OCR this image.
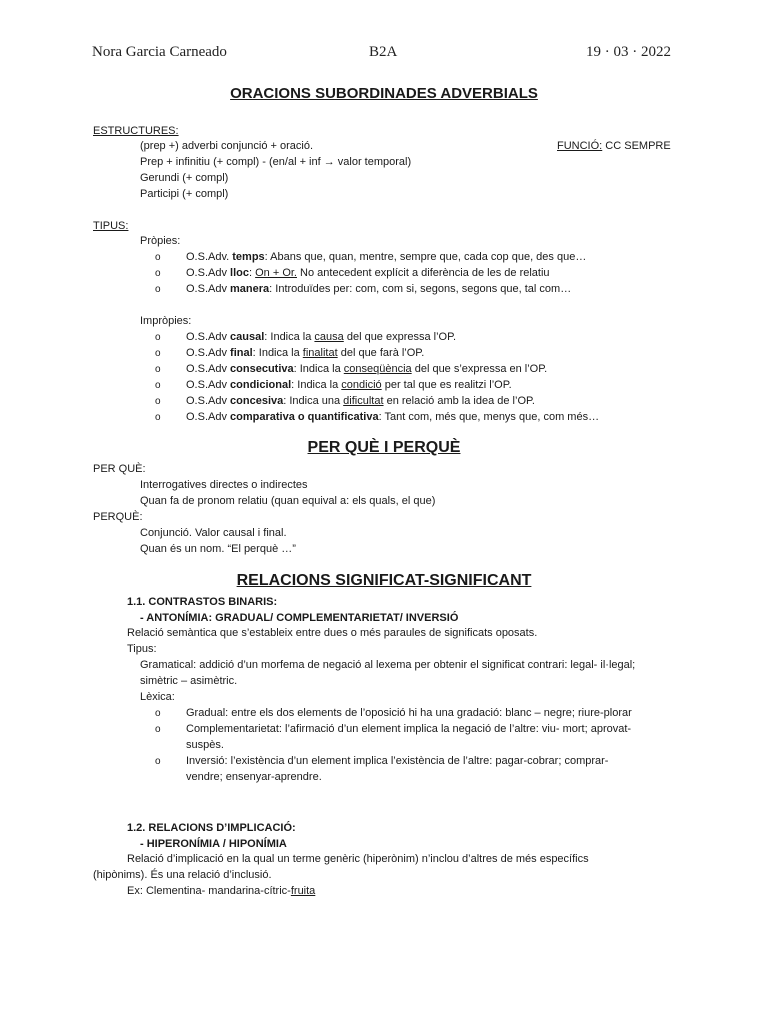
Nora Garcia Carneado	B2A	19 · 03 · 2022
ORACIONS SUBORDINADES ADVERBIALS
ESTRUCTURES:
(prep +) adverbi conjunció + oració.	FUNCIÓ: CC SEMPRE
Prep + infinitiu (+ compl) - (en/al + inf → valor temporal)
Gerundi (+ compl)
Participi (+ compl)
TIPUS:
Pròpies:
o O.S.Adv. temps: Abans que, quan, mentre, sempre que, cada cop que, des que…
o O.S.Adv lloc: On + Or. No antecedent explícit a diferència de les de relatiu
o O.S.Adv manera: Introduïdes per: com, com si, segons, segons que, tal com…
Impròpies:
o O.S.Adv causal: Indica la causa del que expressa l’OP.
o O.S.Adv final: Indica la finalitat del que farà l’OP.
o O.S.Adv consecutiva: Indica la conseqüència del que s’expressa en l’OP.
o O.S.Adv condicional: Indica la condició per tal que es realitzi l’OP.
o O.S.Adv concesiva: Indica una dificultat en relació amb la idea de l’OP.
o O.S.Adv comparativa o quantificativa: Tant com, més que, menys que, com més…
PER QUÈ I PERQUÈ
PER QUÈ:
Interrogatives directes o indirectes
Quan fa de pronom relatiu (quan equival a: els quals, el que)
PERQUÈ:
Conjunció. Valor causal i final.
Quan és un nom. “El perquè …”
RELACIONS SIGNIFICAT-SIGNIFICANT
1.1. CONTRASTOS BINARIS:
- ANTONÍMIA: GRADUAL/ COMPLEMENTARIETAT/ INVERSIÓ
Relació semàntica que s’estableix entre dues o més paraules de significats oposats.
Tipus:
Gramatical: addició d’un morfema de negació al lexema per obtenir el significat contrari: legal- il·legal;
simètric – asimètric.
Lèxica:
o Gradual: entre els dos elements de l’oposició hi ha una gradació: blanc – negre; riure-plorar
o Complementarietat: l’afirmació d’un element implica la negació de l’altre: viu- mort; aprovat-
suspès.
o Inversió: l’existència d’un element implica l’existència de l’altre: pagar-cobrar; comprar-
vendre; ensenyar-aprendre.
1.2. RELACIONS D’IMPLICACIÓ:
- HIPERONÍMIA / HIPONÍMIA
Relació d’implicació en la qual un terme genèric (hiperònim) n’inclou d’altres de més específics
(hipònims). És una relació d’inclusió.
Ex: Clementina- mandarina-cítric-fruita
